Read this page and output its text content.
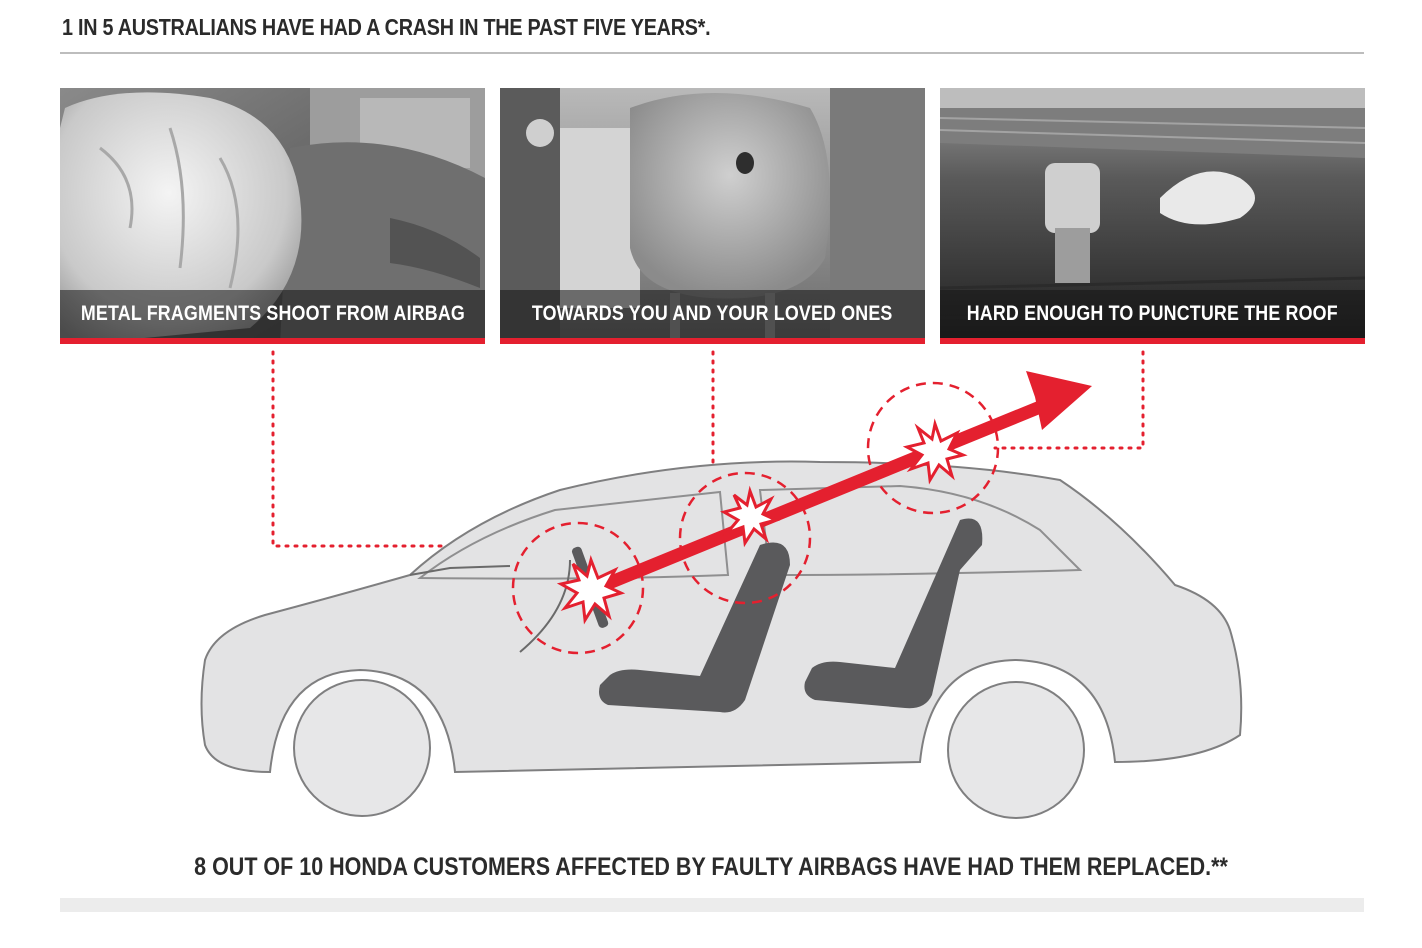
1 IN 5 AUSTRALIANS HAVE HAD A CRASH IN THE PAST FIVE YEARS*.
METAL FRAGMENTS SHOOT FROM AIRBAG	TOWARDS YOU AND YOUR LOVED ONES	HARD ENOUGH TO PUNCTURE THE ROOF
8 OUT OF 10 HONDA CUSTOMERS AFFECTED BY FAULTY AIRBAGS HAVE HAD THEM REPLACED.**
